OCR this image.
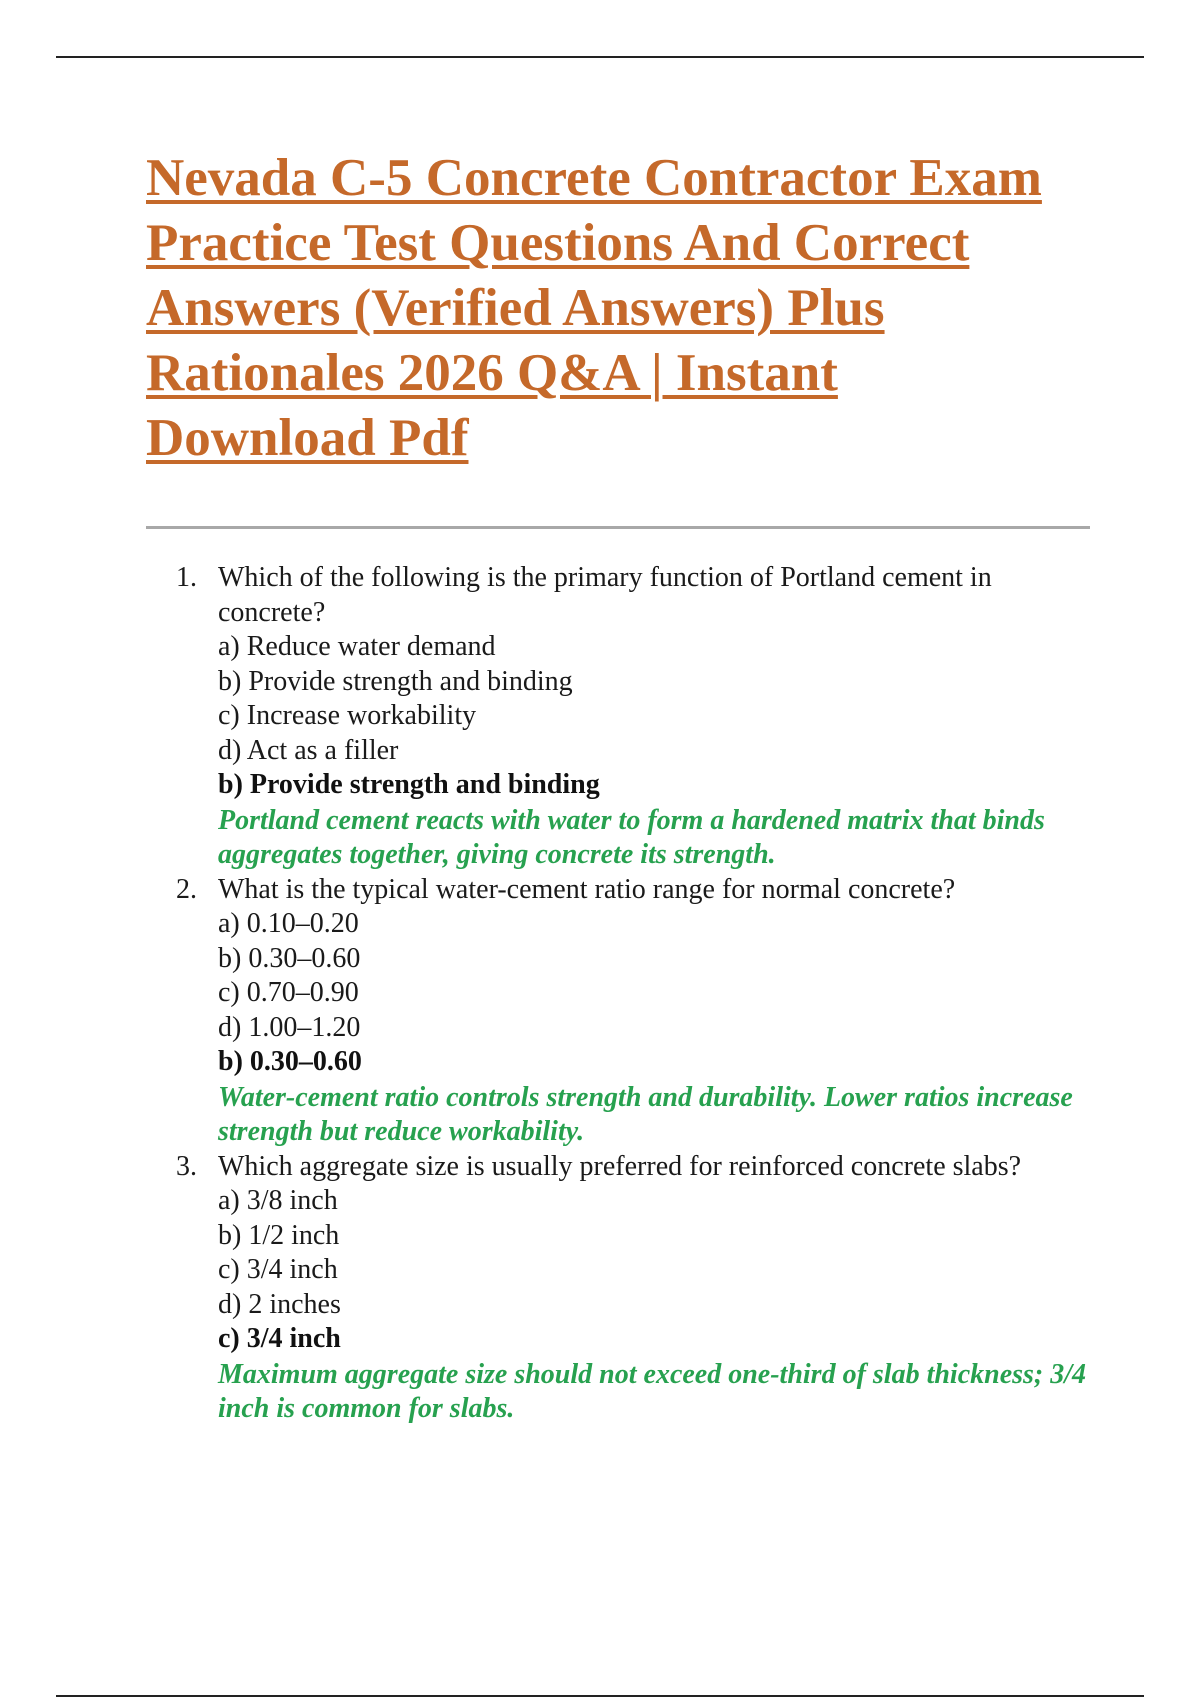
Nevada C-5 Concrete Contractor Exam Practice Test Questions And Correct Answers (Verified Answers) Plus Rationales 2026 Q&A | Instant Download Pdf
1. Which of the following is the primary function of Portland cement in concrete?
a) Reduce water demand
b) Provide strength and binding
c) Increase workability
d) Act as a filler
b) Provide strength and binding
Portland cement reacts with water to form a hardened matrix that binds aggregates together, giving concrete its strength.
2. What is the typical water-cement ratio range for normal concrete?
a) 0.10–0.20
b) 0.30–0.60
c) 0.70–0.90
d) 1.00–1.20
b) 0.30–0.60
Water-cement ratio controls strength and durability. Lower ratios increase strength but reduce workability.
3. Which aggregate size is usually preferred for reinforced concrete slabs?
a) 3/8 inch
b) 1/2 inch
c) 3/4 inch
d) 2 inches
c) 3/4 inch
Maximum aggregate size should not exceed one-third of slab thickness; 3/4 inch is common for slabs.
